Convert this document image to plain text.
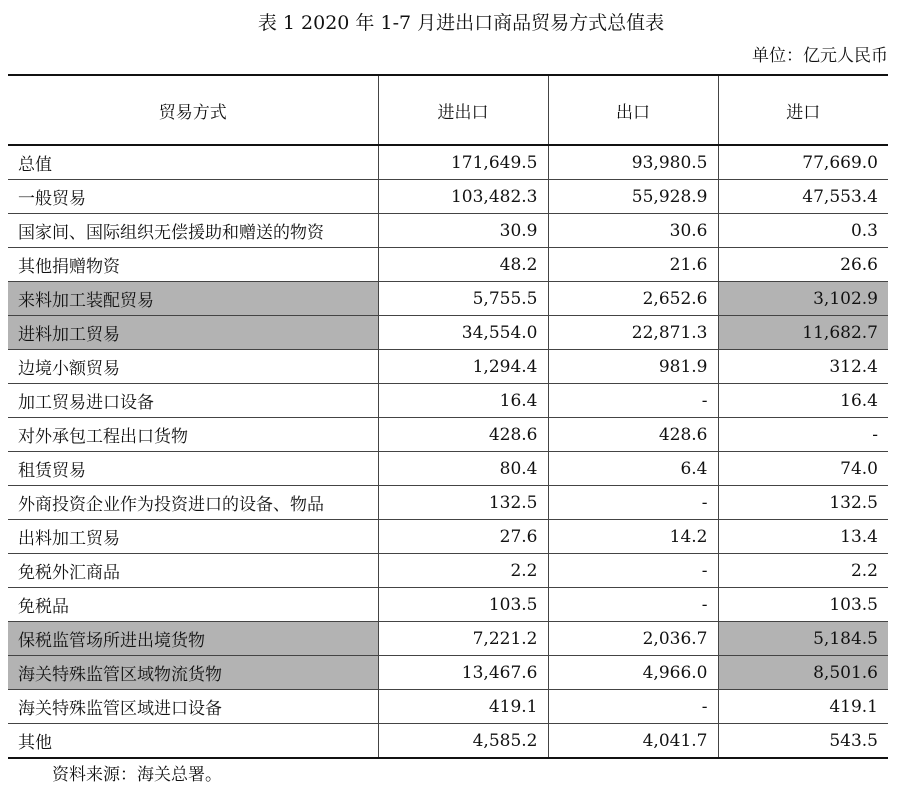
表 1 2020 年 1-7 月进出口商品贸易方式总值表
单位：亿元人民币
贸易方式	进出口	出口	进口
总值	171,649.5	93,980.5	77,669.0
一般贸易	103,482.3	55,928.9	47,553.4
国家间、国际组织无偿援助和赠送的物资	30.9	30.6	0.3
其他捐赠物资	48.2	21.6	26.6
来料加工装配贸易	5,755.5	2,652.6	3,102.9
进料加工贸易	34,554.0	22,871.3	11,682.7
边境小额贸易	1,294.4	981.9	312.4
加工贸易进口设备	16.4	-	16.4
对外承包工程出口货物	428.6	428.6	-
租赁贸易	80.4	6.4	74.0
外商投资企业作为投资进口的设备、物品	132.5	-	132.5
出料加工贸易	27.6	14.2	13.4
免税外汇商品	2.2	-	2.2
免税品	103.5	-	103.5
保税监管场所进出境货物	7,221.2	2,036.7	5,184.5
海关特殊监管区域物流货物	13,467.6	4,966.0	8,501.6
海关特殊监管区域进口设备	419.1	-	419.1
其他	4,585.2	4,041.7	543.5
资料来源：海关总署。
